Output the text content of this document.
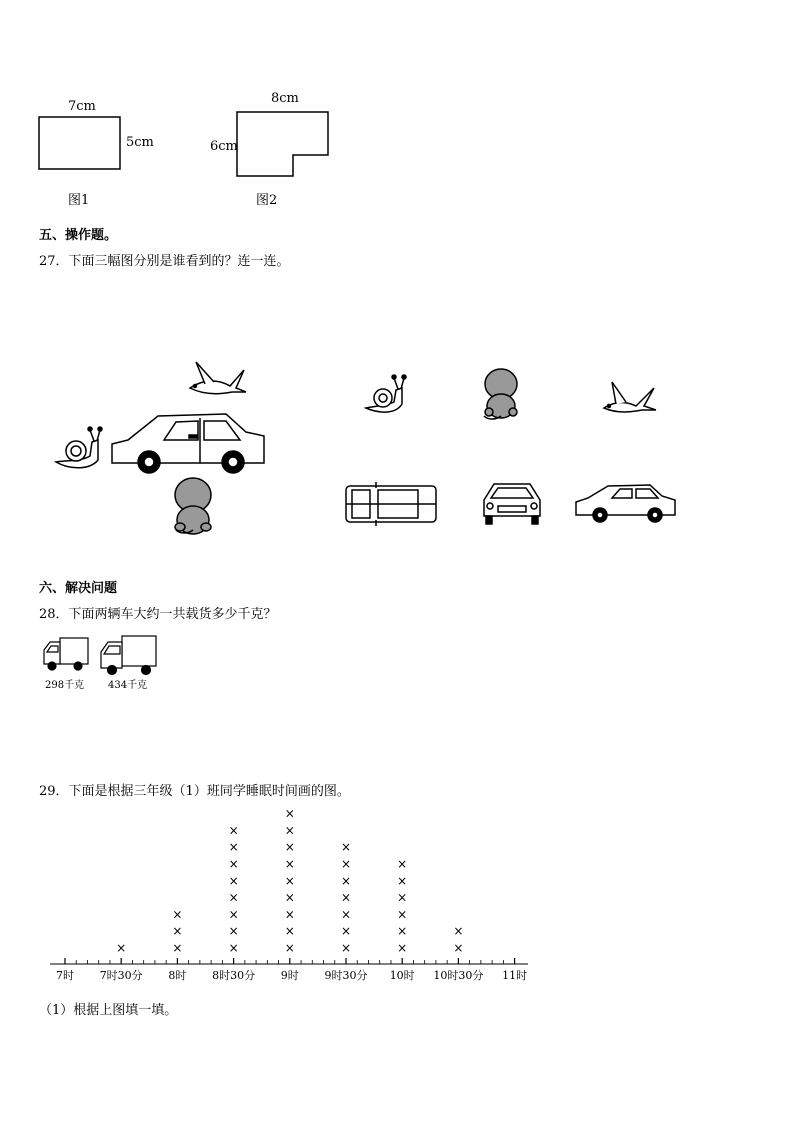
7cm
5cm
图1
8cm
6cm
图2
五、操作题。
27．下面三幅图分别是谁看到的？连一连。
六、解决问题
28．下面两辆车大约一共载货多少千克？
298千克 434千克
29．下面是根据三年级（1）班同学睡眠时间画的图。
7时 7时30分
×
8时
×
×
×
8时30分
×
×
×
×
×
×
×
×
9时
×
×
×
×
×
×
×
×
×
9时30分
×
×
×
×
×
×
×
10时
×
×
×
×
×
×
10时30分
×
×
11时
（1）根据上图填一填。
